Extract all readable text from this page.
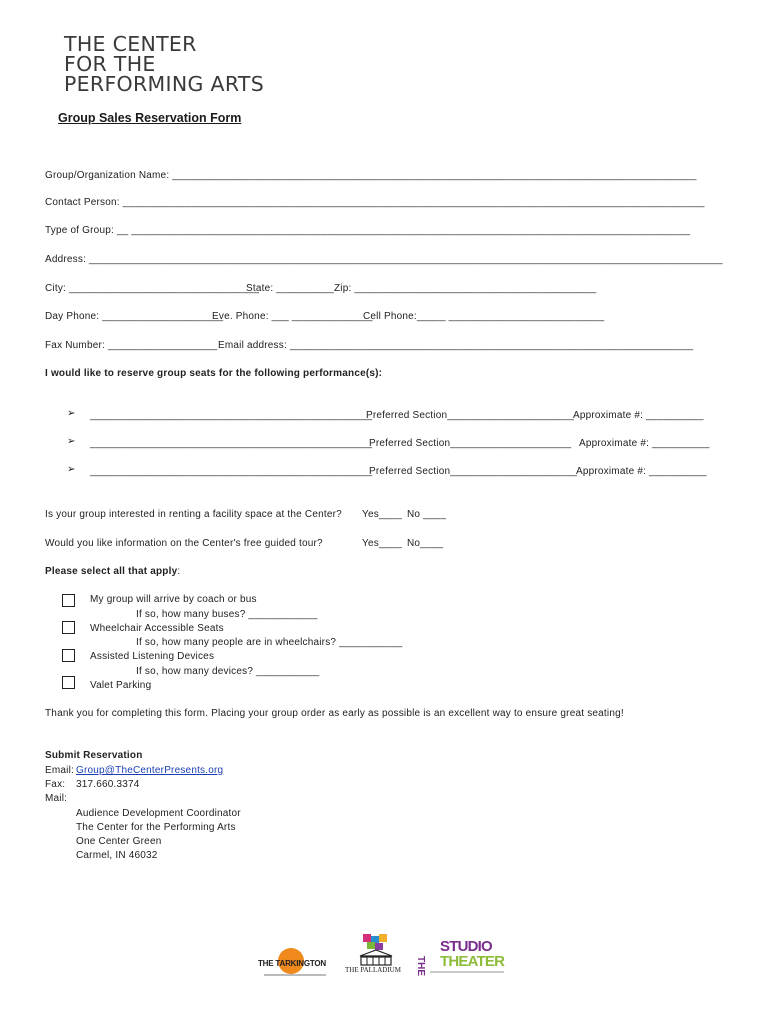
THE CENTER
FOR THE
PERFORMING ARTS
Group Sales Reservation Form
Group/Organization Name: ___________________________________________________________________________________________
Contact Person: _____________________________________________________________________________________________________
Type of Group: __ _________________________________________________________________________________________________
Address: ______________________________________________________________________________________________________________
City: _________________________________
State: __________ Zip: __________________________________________
Day Phone: _____________________
Eve. Phone: ___ ______________
Cell Phone:_____ ___________________________
Fax Number: ___________________ Email address: ______________________________________________________________________
I would like to reserve group seats for the following performance(s):
➢ _________________________________________________
Preferred Section______________________ Approximate #: __________
➢ _________________________________________________
Preferred Section_____________________ Approximate #: __________
➢ _________________________________________________
Preferred Section______________________ Approximate #: __________
Is your group interested in renting a facility space at the Center? Yes____ No ____
Would you like information on the Center's free guided tour?	Yes____ No____
Please select all that apply:
My group will arrive by coach or bus
If so, how many buses? ____________
Wheelchair Accessible Seats
If so, how many people are in wheelchairs? ___________
Assisted Listening Devices
If so, how many devices? ___________
Valet Parking
Thank you for completing this form. Placing your group order as early as possible is an excellent way to ensure great seating!
Submit Reservation
Email: Group@TheCenterPresents.org
Fax: 317.660.3374
Mail:
Audience Development Coordinator
The Center for the Performing Arts
One Center Green
Carmel, IN 46032
THE TARKINGTON
THE PALLADIUM THE
STUDIO
THEATER
